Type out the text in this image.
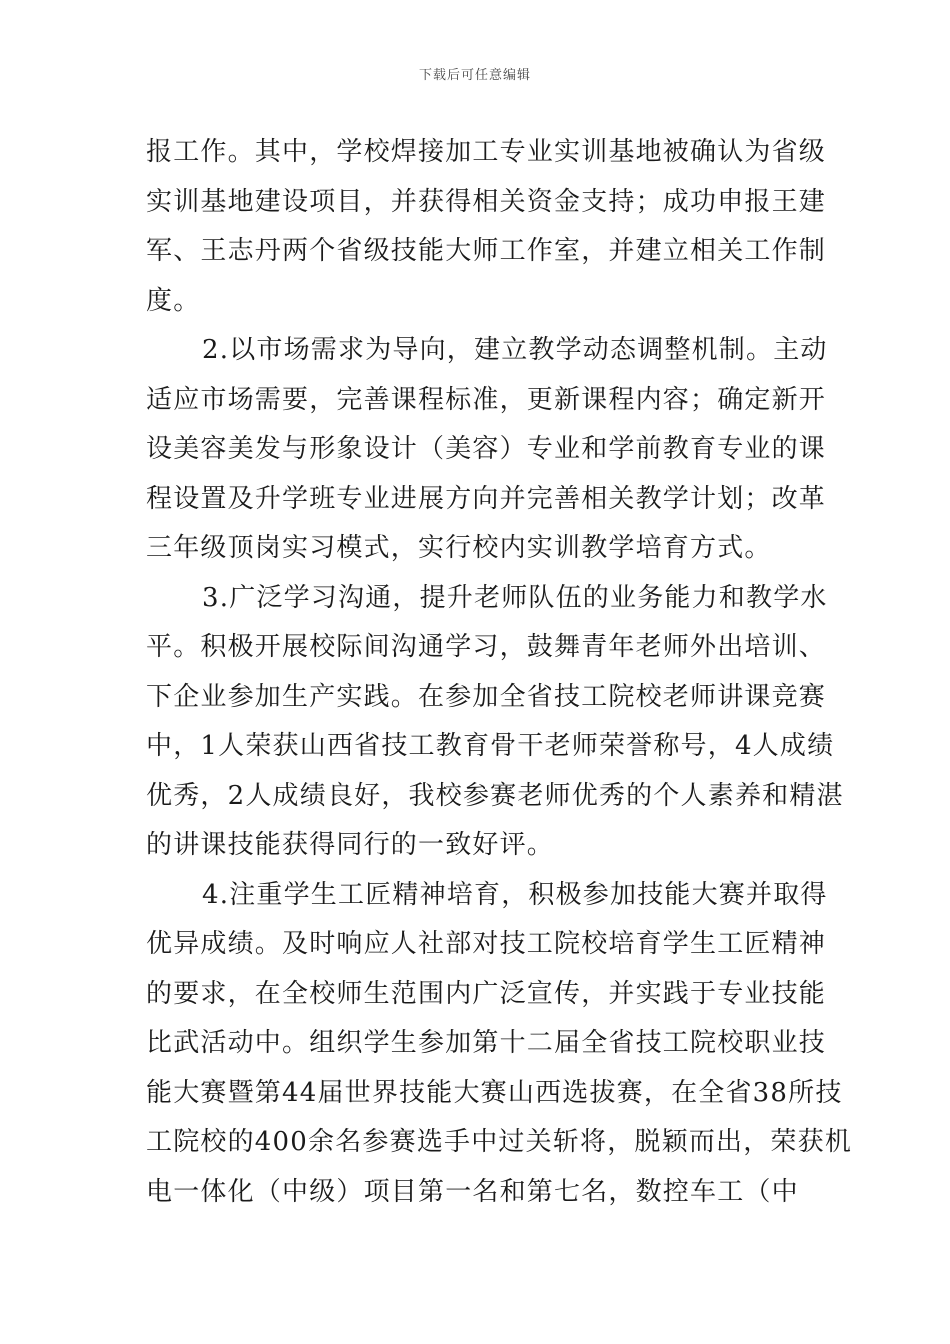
下载后可任意编辑
报工作。其中，学校焊接加工专业实训基地被确认为省级
实训基地建设项目，并获得相关资金支持；成功申报王建
军、王志丹两个省级技能大师工作室，并建立相关工作制
度。
2.以市场需求为导向，建立教学动态调整机制。主动
适应市场需要，完善课程标准，更新课程内容；确定新开
设美容美发与形象设计（美容）专业和学前教育专业的课
程设置及升学班专业进展方向并完善相关教学计划；改革
三年级顶岗实习模式，实行校内实训教学培育方式。
3.广泛学习沟通，提升老师队伍的业务能力和教学水
平。积极开展校际间沟通学习，鼓舞青年老师外出培训、
下企业参加生产实践。在参加全省技工院校老师讲课竞赛
中，1人荣获山西省技工教育骨干老师荣誉称号，4人成绩
优秀，2人成绩良好，我校参赛老师优秀的个人素养和精湛
的讲课技能获得同行的一致好评。
4.注重学生工匠精神培育，积极参加技能大赛并取得
优异成绩。及时响应人社部对技工院校培育学生工匠精神
的要求，在全校师生范围内广泛宣传，并实践于专业技能
比武活动中。组织学生参加第十二届全省技工院校职业技
能大赛暨第44届世界技能大赛山西选拔赛，在全省38所技
工院校的400余名参赛选手中过关斩将，脱颖而出，荣获机
电一体化（中级）项目第一名和第七名，数控车工（中
